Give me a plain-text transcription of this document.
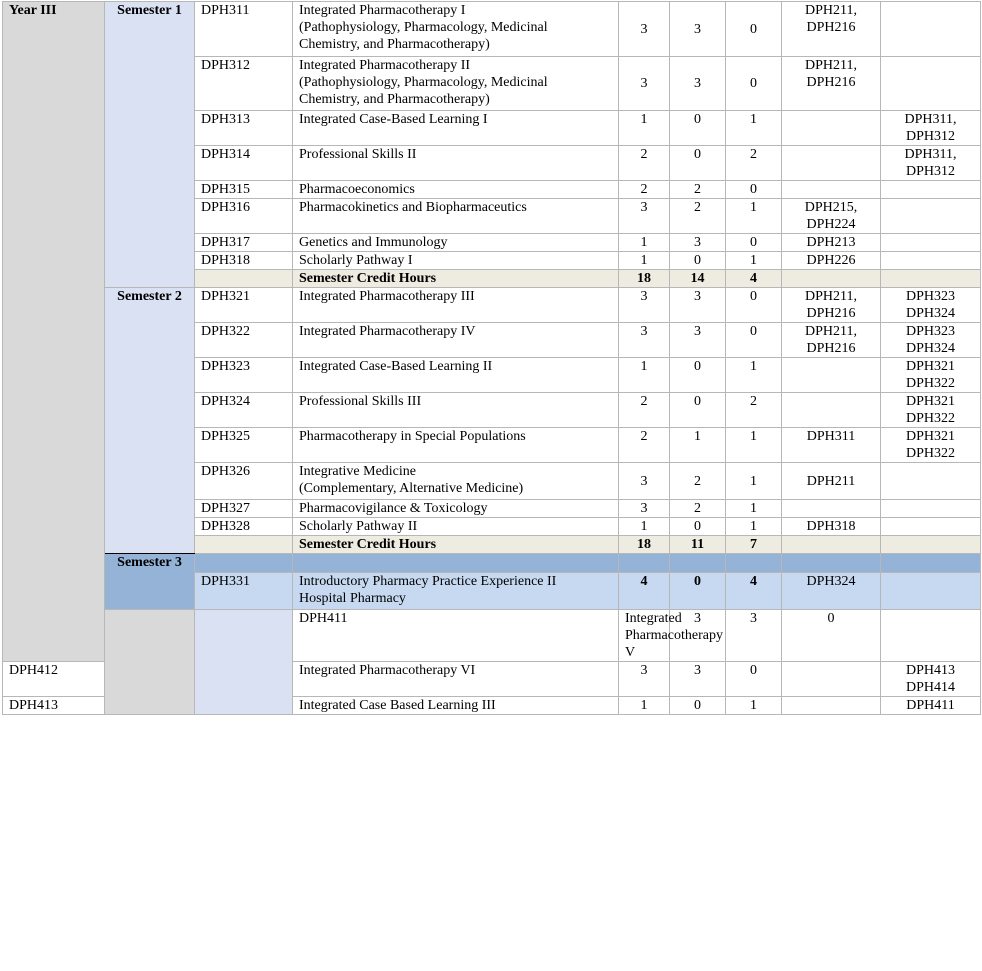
Year III	Semester 1	DPH311	Integrated Pharmacotherapy I
(Pathophysiology, Pharmacology, Medicinal
Chemistry, and Pharmacotherapy)	3	3	0	DPH211,
DPH216		

		DPH312	Integrated Pharmacotherapy II
(Pathophysiology, Pharmacology, Medicinal
Chemistry, and Pharmacotherapy)	3	3	0	DPH211,
DPH216		

		DPH313	Integrated Case-Based Learning I	1	0	1		DPH311,
DPH312	

		DPH314	Professional Skills II	2	0	2		DPH311,
DPH312	

		DPH315	Pharmacoeconomics	2	2	0			
		DPH316	Pharmacokinetics and Biopharmaceutics	3	2	1	DPH215,
DPH224		

		DPH317	Genetics and Immunology	1	3	0	DPH213		
		DPH318	Scholarly Pathway I	1	0	1	DPH226		
			Semester Credit Hours	18	14	4			
	Semester 2	DPH321	Integrated Pharmacotherapy III	3	3	0	DPH211,
DPH216	DPH323
DPH324	

		DPH322	Integrated Pharmacotherapy IV	3	3	0	DPH211,
DPH216	DPH323
DPH324	

		DPH323	Integrated Case-Based Learning II	1	0	1		DPH321
DPH322	

		DPH324	Professional Skills III	2	0	2		DPH321
DPH322	

		DPH325	Pharmacotherapy in Special Populations	2	1	1	DPH311	DPH321
DPH322	

		DPH326	Integrative Medicine
(Complementary, Alternative Medicine)	3	2	1	DPH211		
		DPH327	Pharmacovigilance & Toxicology	3	2	1			
		DPH328	Scholarly Pathway II	1	0	1	DPH318		
			Semester Credit Hours	18	11	7			
	Semester 3								
		DPH331	Introductory Pharmacy Practice Experience II
Hospital Pharmacy	4	0	4	DPH324		
			DPH411	Integrated Pharmacotherapy V	3	3	0		

DPH412			Integrated Pharmacotherapy VI	3	3	0		DPH413
DPH414	

DPH413			Integrated Case Based Learning III	1	0	1		DPH411	
